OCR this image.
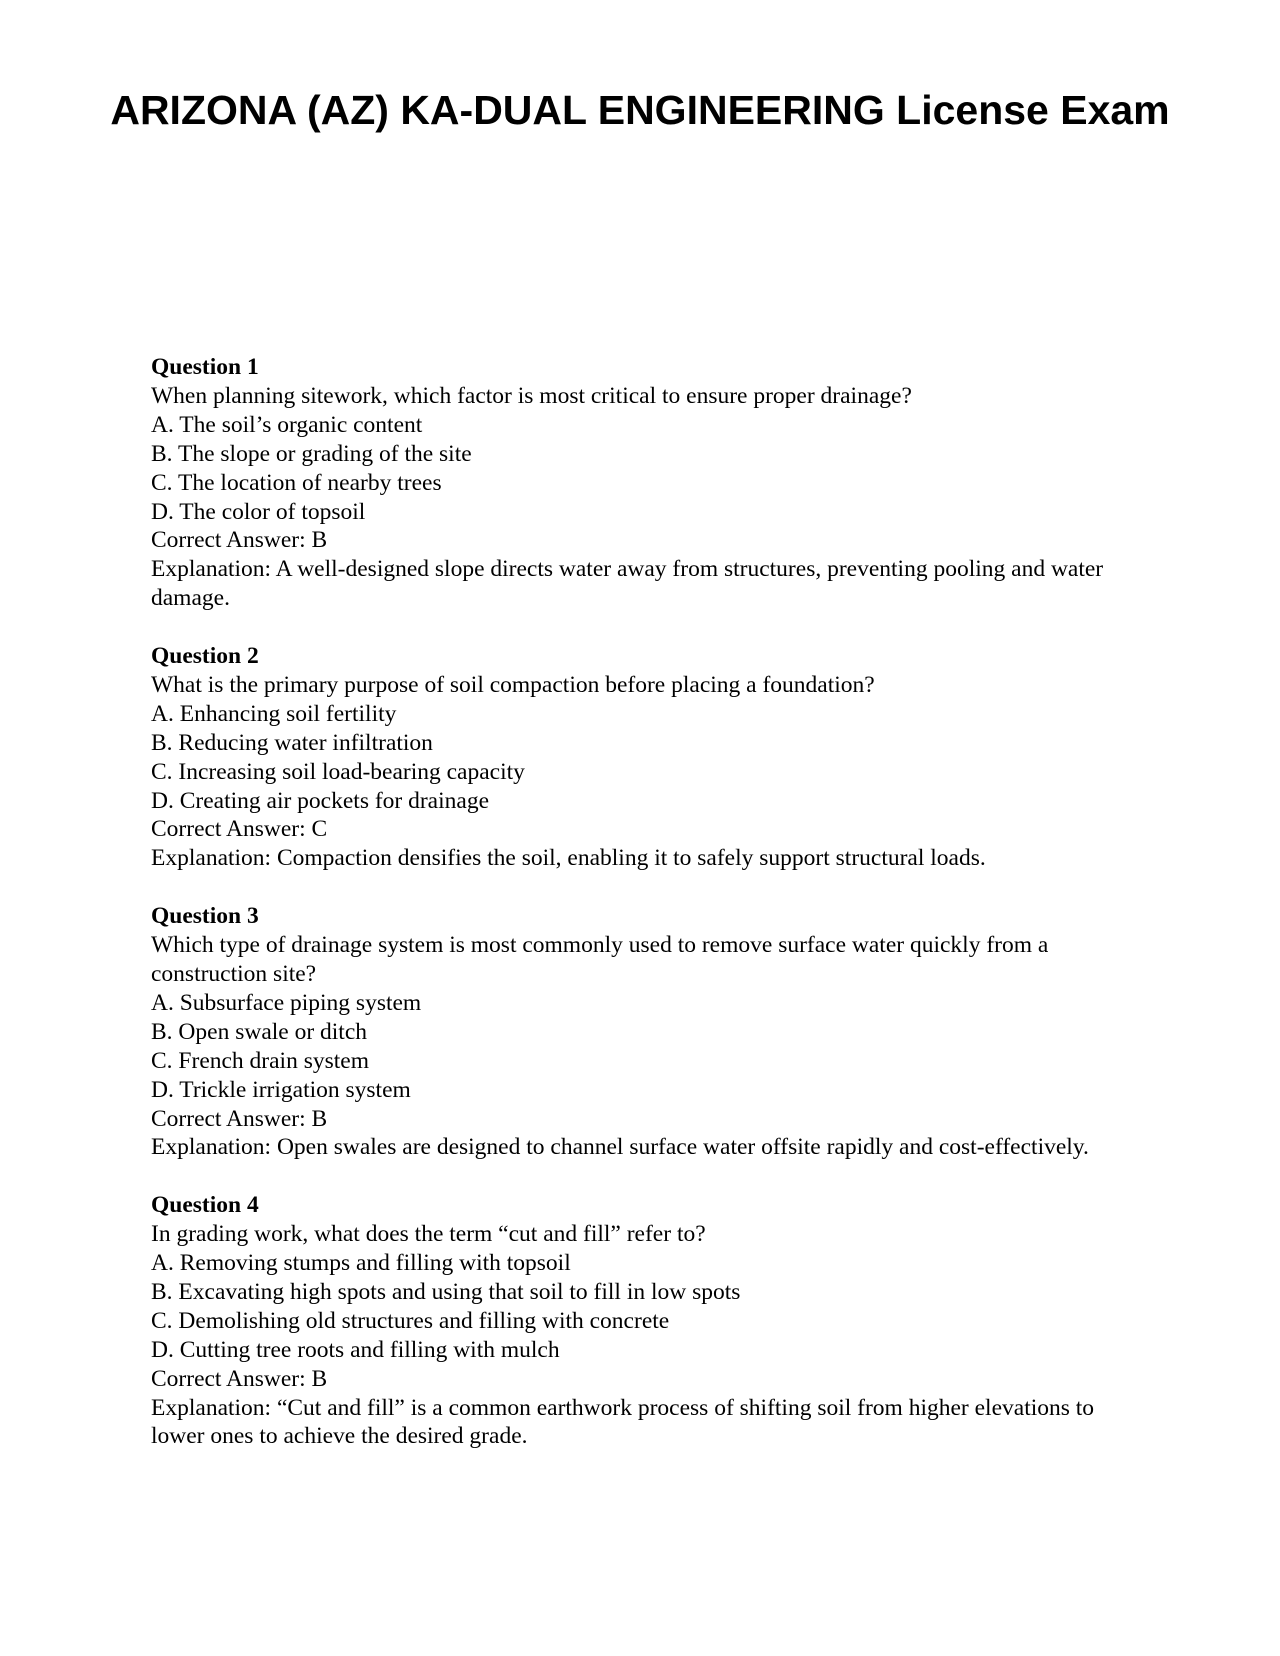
ARIZONA (AZ) KA-DUAL ENGINEERING License Exam

Question 1

When planning sitework, which factor is most critical to ensure proper drainage?

A. The soil’s organic content

B. The slope or grading of the site

C. The location of nearby trees

D. The color of topsoil

Correct Answer: B

Explanation: A well-designed slope directs water away from structures, preventing pooling and water damage.

Question 2

What is the primary purpose of soil compaction before placing a foundation?

A. Enhancing soil fertility

B. Reducing water infiltration

C. Increasing soil load-bearing capacity

D. Creating air pockets for drainage

Correct Answer: C

Explanation: Compaction densifies the soil, enabling it to safely support structural loads.

Question 3

Which type of drainage system is most commonly used to remove surface water quickly from a construction site?

A. Subsurface piping system

B. Open swale or ditch

C. French drain system

D. Trickle irrigation system

Correct Answer: B

Explanation: Open swales are designed to channel surface water offsite rapidly and cost-effectively.

Question 4

In grading work, what does the term “cut and fill” refer to?

A. Removing stumps and filling with topsoil

B. Excavating high spots and using that soil to fill in low spots

C. Demolishing old structures and filling with concrete

D. Cutting tree roots and filling with mulch

Correct Answer: B

Explanation: “Cut and fill” is a common earthwork process of shifting soil from higher elevations to lower ones to achieve the desired grade.
